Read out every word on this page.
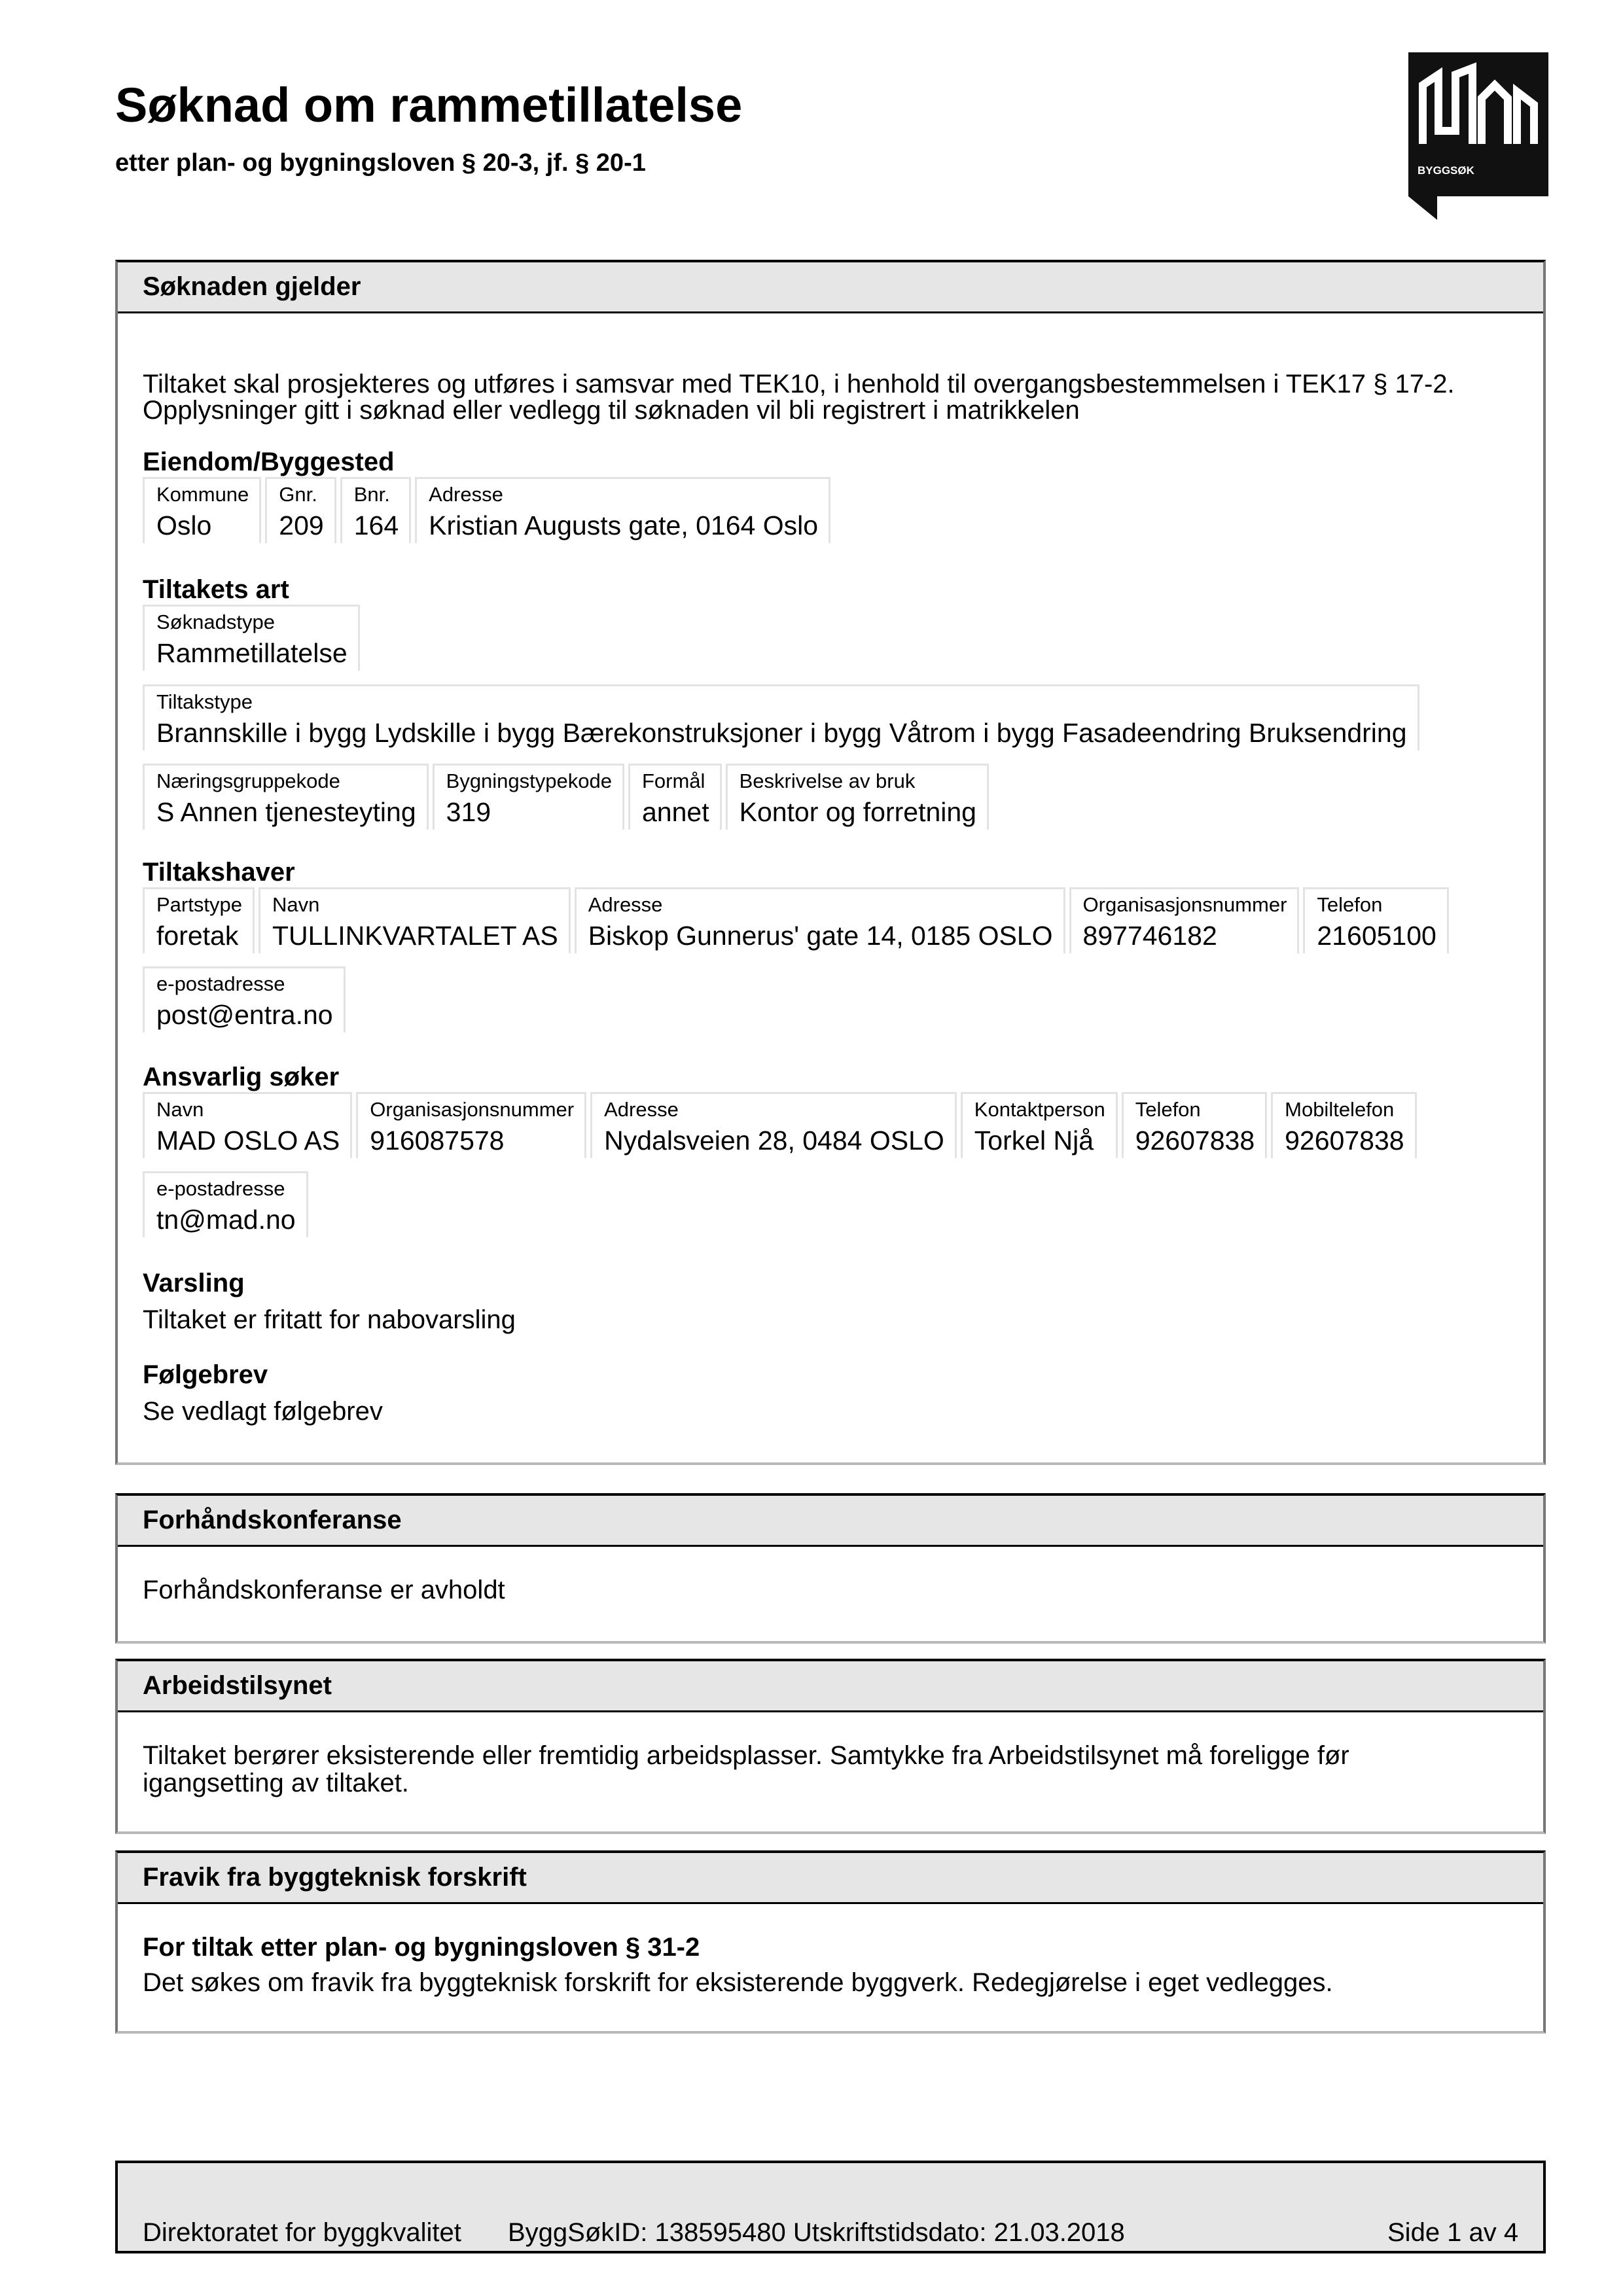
Søknad om rammetillatelse
etter plan- og bygningsloven § 20-3, jf. § 20-1	BYGGSØK
Søknaden gjelder
Tiltaket skal prosjekteres og utføres i samsvar med TEK10, i henhold til overgangsbestemmelsen i TEK17 § 17-2.
Opplysninger gitt i søknad eller vedlegg til søknaden vil bli registrert i matrikkelen
Eiendom/Byggested
Kommune
Oslo
Gnr.
209
Bnr.
164
Adresse
Kristian Augusts gate, 0164 Oslo
Tiltakets art
Søknadstype
Rammetillatelse
Tiltakstype
Brannskille i bygg Lydskille i bygg Bærekonstruksjoner i bygg Våtrom i bygg Fasadeendring Bruksendring
Næringsgruppekode
S Annen tjenesteyting
Bygningstypekode
319
Formål
annet
Beskrivelse av bruk
Kontor og forretning
Tiltakshaver
Partstype
foretak
Navn
TULLINKVARTALET AS
Adresse
Biskop Gunnerus' gate 14, 0185 OSLO
Organisasjonsnummer
897746182
Telefon
21605100
e-postadresse
post@entra.no
Ansvarlig søker
Navn
MAD OSLO AS
Organisasjonsnummer
916087578
Adresse
Nydalsveien 28, 0484 OSLO
Kontaktperson
Torkel Njå
Telefon
92607838
Mobiltelefon
92607838
e-postadresse
tn@mad.no
Varsling
Tiltaket er fritatt for nabovarsling
Følgebrev
Se vedlagt følgebrev
Forhåndskonferanse
Forhåndskonferanse er avholdt
Arbeidstilsynet
Tiltaket berører eksisterende eller fremtidig arbeidsplasser. Samtykke fra Arbeidstilsynet må foreligge før
igangsetting av tiltaket.
Fravik fra byggteknisk forskrift
For tiltak etter plan- og bygningsloven § 31-2
Det søkes om fravik fra byggteknisk forskrift for eksisterende byggverk. Redegjørelse i eget vedlegges.
Direktoratet for byggkvalitet ByggSøkID: 138595480 Utskriftstidsdato: 21.03.2018	Side 1 av 4
